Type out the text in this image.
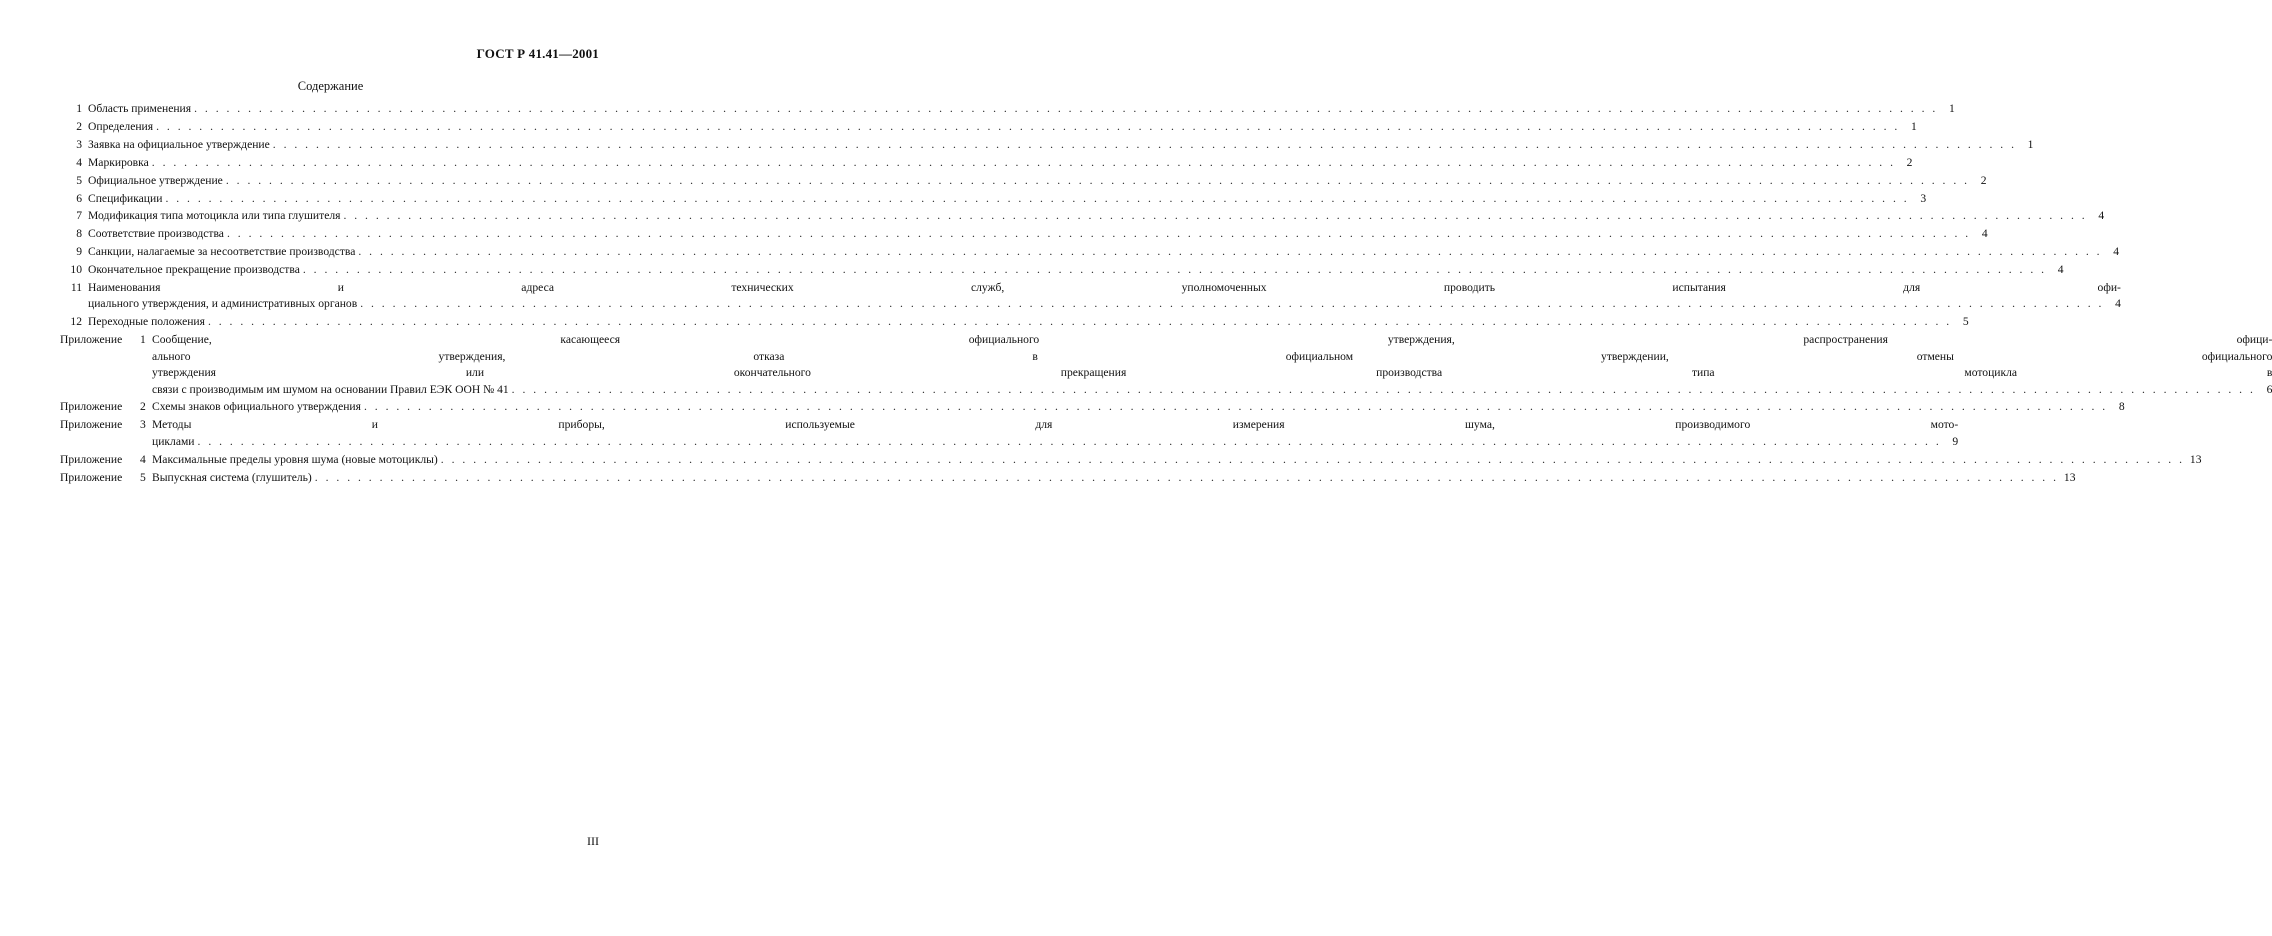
ГОСТ Р 41.41—2001
Содержание
1 Область применения . . .	1
2 Определения . . .	1
3 Заявка на официальное утверждение . . .	1
4 Маркировка . . .	2
5 Официальное утверждение . . .	2
6 Спецификации . . .	3
7 Модификация типа мотоцикла или типа глушителя . . .	4
8 Соответствие производства . . .	4
9 Санкции, налагаемые за несоответствие производства . . .	4
10 Окончательное прекращение производства . . .	4
11 Наименования и адреса технических служб, уполномоченных проводить испытания для офи-
циального утверждения, и административных органов . . .	4
12 Переходные положения . . .	5
Приложение	1 Сообщение, касающееся официального утверждения, распространения офици-
ального утверждения, отказа в официальном утверждении, отмены официального
утверждения или окончательного прекращения производства типа мотоцикла в
связи с производимым им шумом на основании Правил ЕЭК ООН № 41 . . .	6
Приложение	2 Схемы знаков официального утверждения . . .	8
Приложение	3 Методы и приборы, используемые для измерения шума, производимого мото-
циклами . . .	9
Приложение	4 Максимальные пределы уровня шума (новые мотоциклы) . . .	13
Приложение	5 Выпускная система (глушитель) . . .	13
III
